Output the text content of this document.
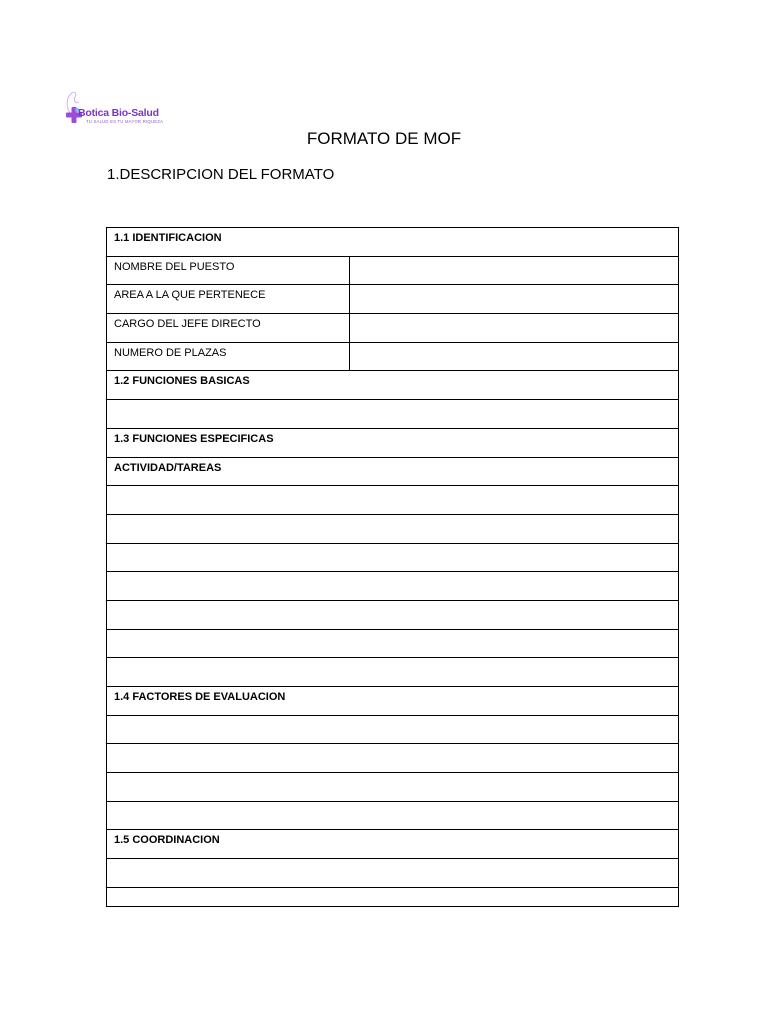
Botica Bio-Salud
TU SALUD ES TU MAYOR RIQUEZA
FORMATO DE MOF
1.DESCRIPCION DEL FORMATO
1.1 IDENTIFICACION	

NOMBRE DEL PUESTO	

AREA A LA QUE PERTENECE	

CARGO DEL JEFE DIRECTO	

NUMERO DE PLAZAS	

1.2 FUNCIONES BASICAS	

1.3 FUNCIONES ESPECIFICAS	

ACTIVIDAD/TAREAS	

1.4 FACTORES DE EVALUACION	

1.5 COORDINACION	
